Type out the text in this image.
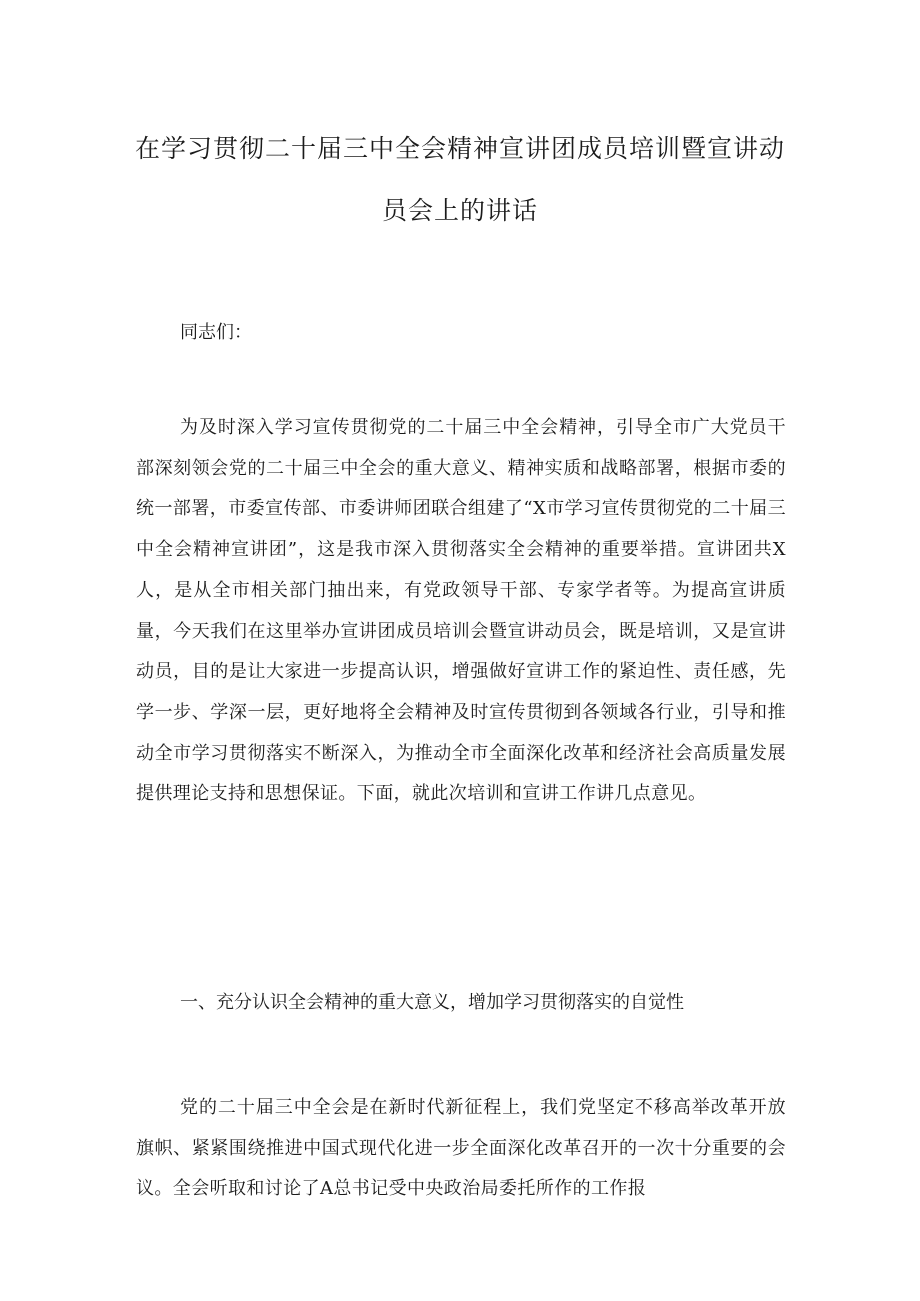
在学习贯彻二十届三中全会精神宣讲团成员培训暨宣讲动
员会上的讲话

同志们：

为及时深入学习宣传贯彻党的二十届三中全会精神，引导全市广大党员干部深刻领会党的二十届三中全会的重大意义、精神实质和战略部署，根据市委的统一部署，市委宣传部、市委讲师团联合组建了“X市学习宣传贯彻党的二十届三中全会精神宣讲团”，这是我市深入贯彻落实全会精神的重要举措。宣讲团共X人，是从全市相关部门抽出来，有党政领导干部、专家学者等。为提高宣讲质量，今天我们在这里举办宣讲团成员培训会暨宣讲动员会，既是培训，又是宣讲动员，目的是让大家进一步提高认识，增强做好宣讲工作的紧迫性、责任感，先学一步、学深一层，更好地将全会精神及时宣传贯彻到各领域各行业，引导和推动全市学习贯彻落实不断深入，为推动全市全面深化改革和经济社会高质量发展提供理论支持和思想保证。下面，就此次培训和宣讲工作讲几点意见。

一、充分认识全会精神的重大意义，增加学习贯彻落实的自觉性

党的二十届三中全会是在新时代新征程上，我们党坚定不移高举改革开放旗帜、紧紧围绕推进中国式现代化进一步全面深化改革召开的一次十分重要的会议。全会听取和讨论了A总书记受中央政治局委托所作的工作报
